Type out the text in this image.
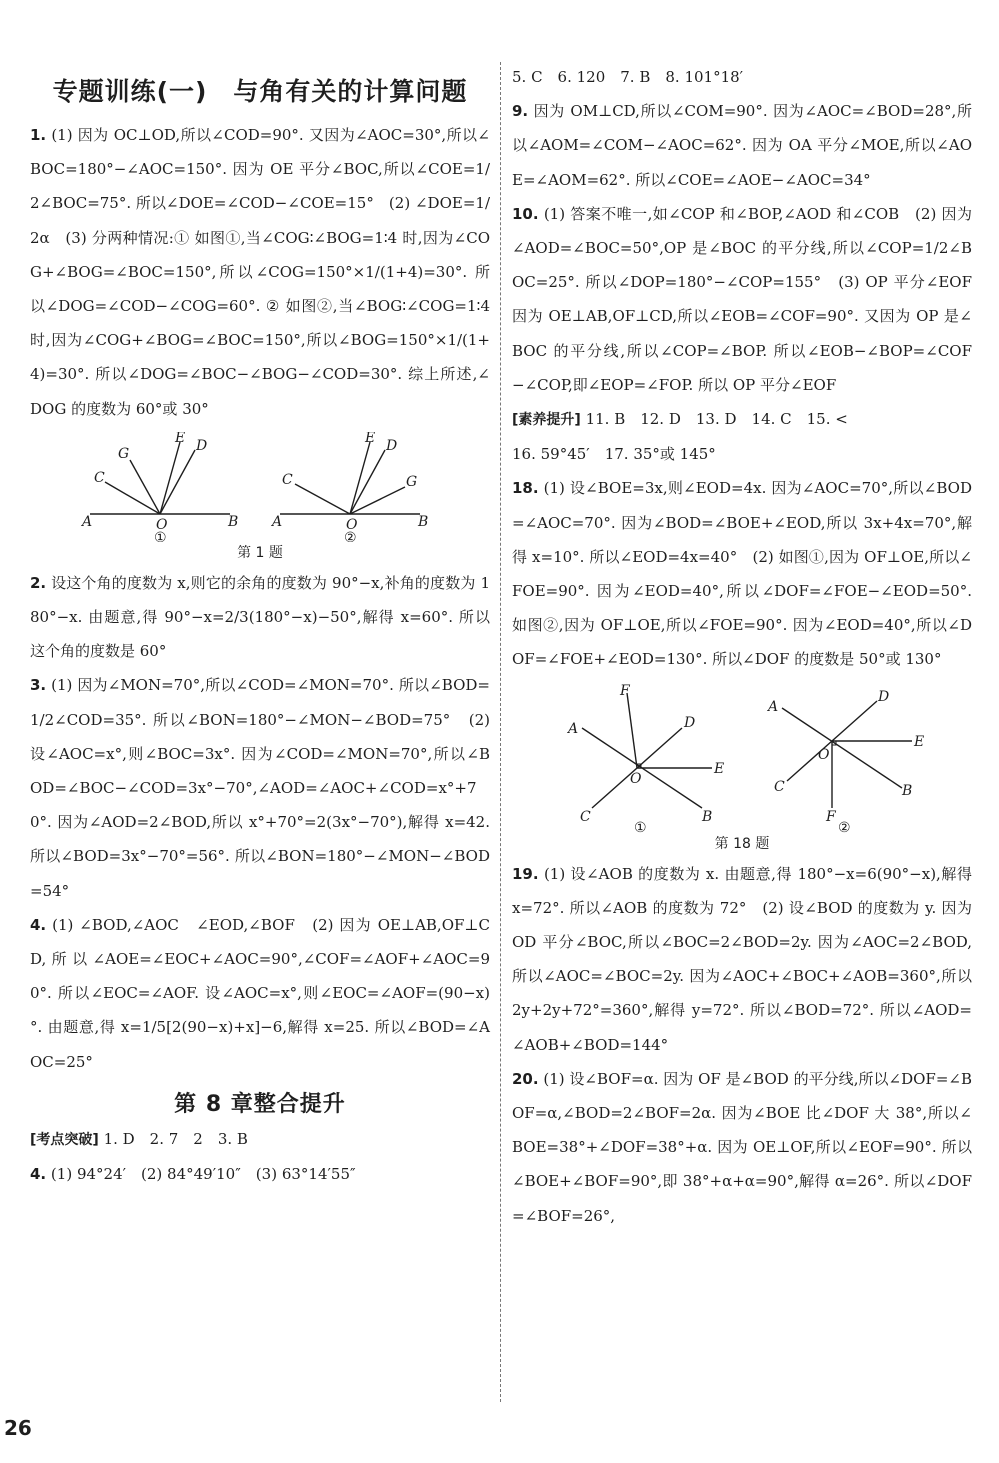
专题训练(一)　与角有关的计算问题

1. (1) 因为 OC⊥OD,所以∠COD=90°. 又因为∠AOC=30°,所以∠BOC=180°−∠AOC=150°. 因为 OE 平分∠BOC,所以∠COE=1/2∠BOC=75°. 所以∠DOE=∠COD−∠COE=15°　(2) ∠DOE=1/2α　(3) 分两种情况:① 如图①,当∠COG∶∠BOG=1∶4 时,因为∠COG+∠BOG=∠BOC=150°,所以∠COG=150°×1/(1+4)=30°. 所以∠DOG=∠COD−∠COG=60°. ② 如图②,当∠BOG∶∠COG=1∶4 时,因为∠COG+∠BOG=∠BOC=150°,所以∠BOG=150°×1/(1+4)=30°. 所以∠DOG=∠BOC−∠BOG−∠COD=30°. 综上所述,∠DOG 的度数为 60°或 30°

A	B
C
G
E D
O
①
A	B
C	G
E D
O
②
第 1 题

2. 设这个角的度数为 x,则它的余角的度数为 90°−x,补角的度数为 180°−x. 由题意,得 90°−x=2/3(180°−x)−50°,解得 x=60°. 所以这个角的度数是 60°

3. (1) 因为∠MON=70°,所以∠COD=∠MON=70°. 所以∠BOD=1/2∠COD=35°. 所以∠BON=180°−∠MON−∠BOD=75°　(2) 设∠AOC=x°,则∠BOC=3x°. 因为∠COD=∠MON=70°,所以∠BOD=∠BOC−∠COD=3x°−70°,∠AOD=∠AOC+∠COD=x°+70°. 因为∠AOD=2∠BOD,所以 x°+70°=2(3x°−70°),解得 x=42. 所以∠BOD=3x°−70°=56°. 所以∠BON=180°−∠MON−∠BOD=54°

4. (1) ∠BOD,∠AOC　∠EOD,∠BOF　(2) 因为 OE⊥AB,OF⊥CD,所以∠AOE=∠EOC+∠AOC=90°,∠COF=∠AOF+∠AOC=90°. 所以∠EOC=∠AOF. 设∠AOC=x°,则∠EOC=∠AOF=(90−x)°. 由题意,得 x=1/5[2(90−x)+x]−6,解得 x=25. 所以∠BOD=∠AOC=25°

第 8 章整合提升

[考点突破] 1. D　2. 7　2　3. B

4. (1) 94°24′　(2) 84°49′10″　(3) 63°14′55″

5. C　6. 120　7. B　8. 101°18′

9. 因为 OM⊥CD,所以∠COM=90°. 因为∠AOC=∠BOD=28°,所以∠AOM=∠COM−∠AOC=62°. 因为 OA 平分∠MOE,所以∠AOE=∠AOM=62°. 所以∠COE=∠AOE−∠AOC=34°

10. (1) 答案不唯一,如∠COP 和∠BOP,∠AOD 和∠COB　(2) 因为∠AOD=∠BOC=50°,OP 是∠BOC 的平分线,所以∠COP=1/2∠BOC=25°. 所以∠DOP=180°−∠COP=155°　(3) OP 平分∠EOF　因为 OE⊥AB,OF⊥CD,所以∠EOB=∠COF=90°. 又因为 OP 是∠BOC 的平分线,所以∠COP=∠BOP. 所以∠EOB−∠BOP=∠COF−∠COP,即∠EOP=∠FOP. 所以 OP 平分∠EOF

[素养提升] 11. B　12. D　13. D　14. C　15. <

16. 59°45′　17. 35°或 145°

18. (1) 设∠BOE=3x,则∠EOD=4x. 因为∠AOC=70°,所以∠BOD=∠AOC=70°. 因为∠BOD=∠BOE+∠EOD,所以 3x+4x=70°,解得 x=10°. 所以∠EOD=4x=40°　(2) 如图①,因为 OF⊥OE,所以∠FOE=90°. 因为∠EOD=40°,所以∠DOF=∠FOE−∠EOD=50°. 如图②,因为 OF⊥OE,所以∠FOE=90°. 因为∠EOD=40°,所以∠DOF=∠FOE+∠EOD=130°. 所以∠DOF 的度数是 50°或 130°

A
B
C
D
E
F
O
①
A
B
C
D
E
F
O
②
第 18 题

19. (1) 设∠AOB 的度数为 x. 由题意,得 180°−x=6(90°−x),解得 x=72°. 所以∠AOB 的度数为 72°　(2) 设∠BOD 的度数为 y. 因为 OD 平分∠BOC,所以∠BOC=2∠BOD=2y. 因为∠AOC=2∠BOD,所以∠AOC=∠BOC=2y. 因为∠AOC+∠BOC+∠AOB=360°,所以 2y+2y+72°=360°,解得 y=72°. 所以∠BOD=72°. 所以∠AOD=∠AOB+∠BOD=144°

20. (1) 设∠BOF=α. 因为 OF 是∠BOD 的平分线,所以∠DOF=∠BOF=α,∠BOD=2∠BOF=2α. 因为∠BOE 比∠DOF 大 38°,所以∠BOE=38°+∠DOF=38°+α. 因为 OE⊥OF,所以∠EOF=90°. 所以∠BOE+∠BOF=90°,即 38°+α+α=90°,解得 α=26°. 所以∠DOF=∠BOF=26°,

26
